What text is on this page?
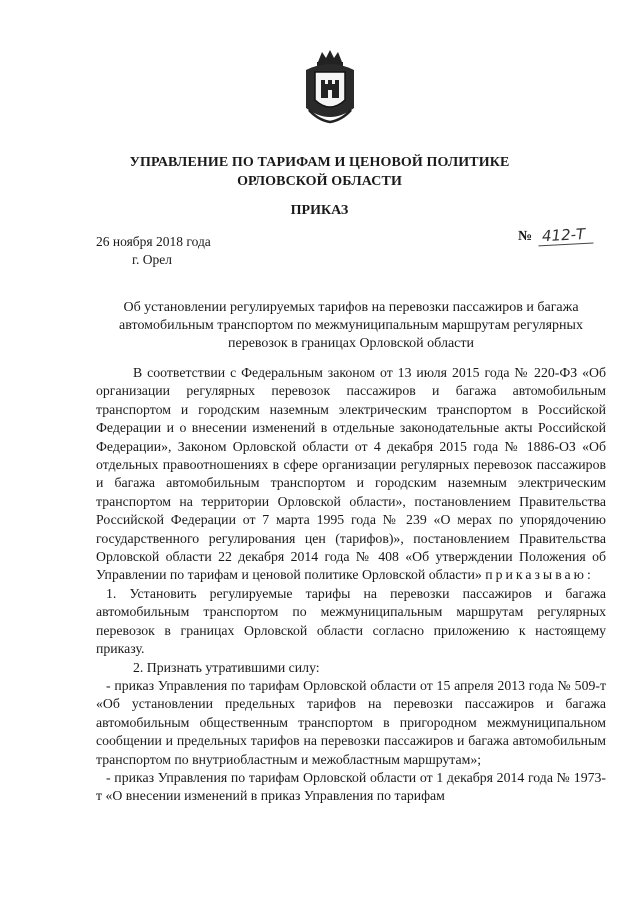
УПРАВЛЕНИЕ ПО ТАРИФАМ И ЦЕНОВОЙ ПОЛИТИКЕ
ОРЛОВСКОЙ ОБЛАСТИ
ПРИКАЗ
26 ноября 2018 года
г. Орел
№ 412-Т
Об установлении регулируемых тарифов на перевозки пассажиров и багажа автомобильным транспортом по межмуниципальным маршрутам регулярных перевозок в границах Орловской области

В соответствии с Федеральным законом от 13 июля 2015 года № 220-ФЗ «Об организации регулярных перевозок пассажиров и багажа автомобильным транспортом и городским наземным электрическим транспортом в Российской Федерации и о внесении изменений в отдельные законодательные акты Российской Федерации», Законом Орловской области от 4 декабря 2015 года № 1886-ОЗ «Об отдельных правоотношениях в сфере организации регулярных перевозок пассажиров и багажа автомобильным транспортом и городским наземным электрическим транспортом на территории Орловской области», постановлением Правительства Российской Федерации от 7 марта 1995 года № 239 «О мерах по упорядочению государственного регулирования цен (тарифов)», постановлением Правительства Орловской области 22 декабря 2014 года № 408 «Об утверждении Положения об Управлении по тарифам и ценовой политике Орловской области» приказываю:

1. Установить регулируемые тарифы на перевозки пассажиров и багажа автомобильным транспортом по межмуниципальным маршрутам регулярных перевозок в границах Орловской области согласно приложению к настоящему приказу.

2. Признать утратившими силу:

- приказ Управления по тарифам Орловской области от 15 апреля 2013 года № 509-т «Об установлении предельных тарифов на перевозки пассажиров и багажа автомобильным общественным транспортом в пригородном межмуниципальном сообщении и предельных тарифов на перевозки пассажиров и багажа автомобильным транспортом по внутриобластным и межобластным маршрутам»;

- приказ Управления по тарифам Орловской области от 1 декабря 2014 года № 1973-т «О внесении изменений в приказ Управления по тарифам
